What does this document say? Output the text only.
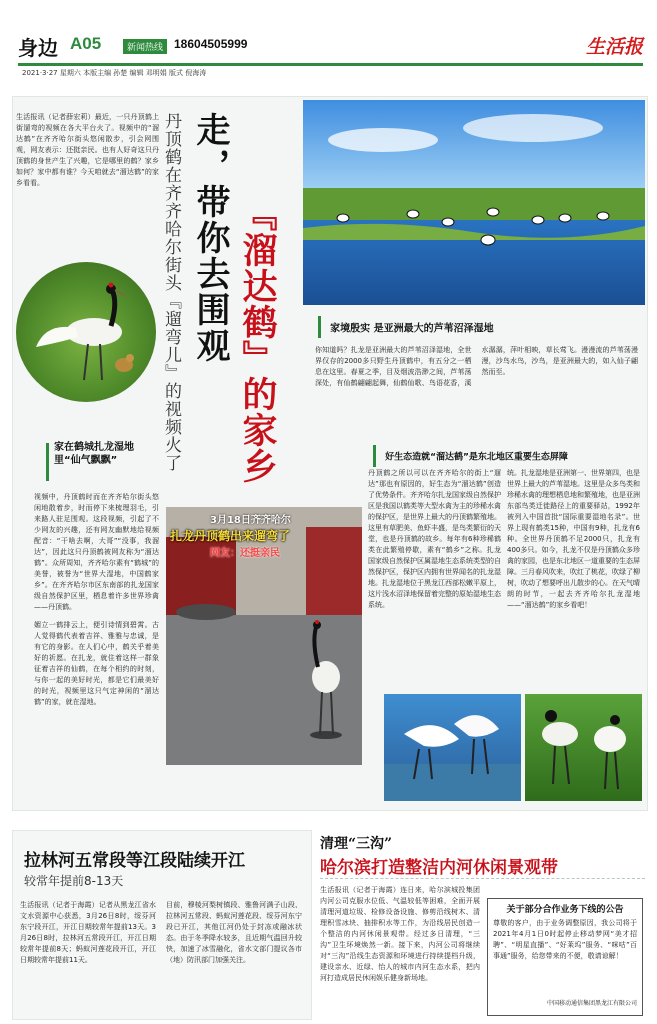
身边 A05	新闻热线 18604505999	生活报
2021·3·27 星期六 本版主编 孙楚 编辑 邓明娟 版式 倪海涛
生活报讯（记者薛宏莉）最近，一只丹顶鹤上街遛弯的视频在各大平台火了。视频中的“溜达鹤”在齐齐哈尔街头悠闲散步，引会网围观，网友表示：还挺亲民。也有人好奇这只丹顶鹤的身世产生了兴趣，它是哪里的鹤？家乡如何？家中都有谁？今天咱就去“溜达鹤”的家乡看看。
家在鹤城扎龙湿地里“仙气飘飘”
视频中，丹顶鹤时而在齐齐哈尔街头悠闲地散着步，时而停下来梳理羽毛，引来路人驻足围观。这段视频，引起了不少网友的兴趣，还有网友幽默地给视频配音：“干啥去啊，大哥”“没事，我溜达”，因此这只丹顶鹤被网友称为“溜达鹤”。众所周知，齐齐哈尔素有“鹤城”的美誉，被誉为“世界大湿地，中国鹤家乡”。在齐齐哈尔市区东南部的扎龙国家级自然保护区里，栖息着许多世界珍禽——丹顶鹤。
媚立一鹤排云上，便引诗情到碧霄。古人觉得鹤代表着吉祥、雅雅与忠诚，是有它的身影。在人们心中，鹤关乎着美好的祈愿。在扎龙，就住着这样一群象征着吉祥的仙鹤，在每个相约的时刻，与你一起的美好时光，都是它们最美好的时光，视频里这只气定神闲的“溜达鹤”的家，就在湿地。
走，带你去围观
丹顶鹤在齐齐哈尔街头『遛弯儿』的视频火了 『溜达鹤』的家乡	家境殷实 是亚洲最大的芦苇沼泽湿地
你知道吗？扎龙是亚洲最大的芦苇沼泽湿地，全世界仅存的2000多只野生丹顶鹤中，有五分之一栖息在这里。春夏之季，目及烟波浩渺之间，芦苇荡深处，有仙鹤翩翩起舞，仙鹤仙歌、鸟语花香，溪水潺潺，萍叶相映，草长莺飞。漫漫流的芦苇荡漫漫，沙鸟水鸟，沙鸟，是亚洲最大的，如入仙子翩然而至。
好生态造就“溜达鹤”是东北地区重要生态屏障
3月18日齐齐哈尔
扎龙丹顶鹤出来遛弯了
网友：还挺亲民
丹顶鹤之所以可以在齐齐哈尔的街上“遛达”那也有原因的，好生态为“溜达鹤”创造了优势条件。齐齐哈尔扎龙国家级自然保护区是我国以鹤类等大型水禽为主的珍稀水禽的保护区，是世界上最大的丹顶鹤繁殖地。这里有草肥美、鱼虾丰盛，是鸟类繁衍的天堂，也是丹顶鹤的故乡。每年有6种珍稀鹤类在此繁殖停歇，素有“鹤乡”之称。扎龙国家级自然保护区属湿地生态系统类型的自然保护区，保护区内拥有世界闻名的扎龙湿地。扎龙湿地位于黑龙江西部松嫩平原上，这片浅水沼泽地保留着完整的原始湿地生态系统。
统。扎龙湿地是亚洲第一、世界第四，也是世界上最大的芦苇湿地。这里是众多鸟类和珍稀水禽的理想栖息地和繁殖地，也是亚洲东部鸟类迁徙路径上的重要驿站，1992年被列入中国首批“国际重要湿地名录”。世界上现有鹤类15种，中国有9种，扎龙有6种。全世界丹顶鹤不足2000只，扎龙有400多只。如今，扎龙不仅是丹顶鹤众多珍禽的家园，也是东北地区一道重要的生态屏障。三月春风吹来，吹红了桃花，吹绿了柳树，吹动了想要呼出儿散步的心。在天气晴朗的时节，一起去齐齐哈尔扎龙湿地——“溜达鹤”的家乡看吧！
拉林河五常段等江段陆续开江
较常年提前8-13天
生活报讯（记者于海霞）记者从黑龙江省水文水资源中心获悉，3月26日8时，绥芬河东宁段开江，开江日期较常年提前13天。3月26日8时，拉林河五常段开江，开江日期较常年提前8天；蚂蚁河莲花段开江，开江日期较常年提前11天。
目前，穆棱河梨树镇段、雅鲁河满子山段、拉林河五常段、蚂蚁河莲花段、绥芬河东宁段已开江，其他江河仍处于封冻或融冰状态。由于冬季降水较多，且近期气温回升较快，加速了冰雪融化，省水文部门提议各市（地）防汛部门加强关注。
清理“三沟”
哈尔滨打造整洁内河休闲景观带
生活报讯（记者于海霞）连日来，哈尔滨城投集团内河公司克服水位低、气温较低等困难，全面开展清理河道垃圾、检修设备设施、修剪沿线树木、清理积雪冰块、抽排积水等工作，为沿线居民创造一个整洁的内河休闲景观带。经过多日清理，“三沟”卫生环境焕然一新。接下来，内河公司将继续对“三沟”沿线生态资源和环境进行持续提档升级，建设亲水、近绿、怡人的城市内河生态水系，把内河打造成居民休闲娱乐健身新场地。
关于部分合作业务下线的公告
尊敬的客户，由于业务调整原因，我公司将于2021年4月1日0时起停止移动梦网“美才招聘”、“明星直播”、“好莱坞”服务、“咪咕”百事通”服务，给您带来的不便，敬请谅解！
中国移动通信集团黑龙江有限公司
